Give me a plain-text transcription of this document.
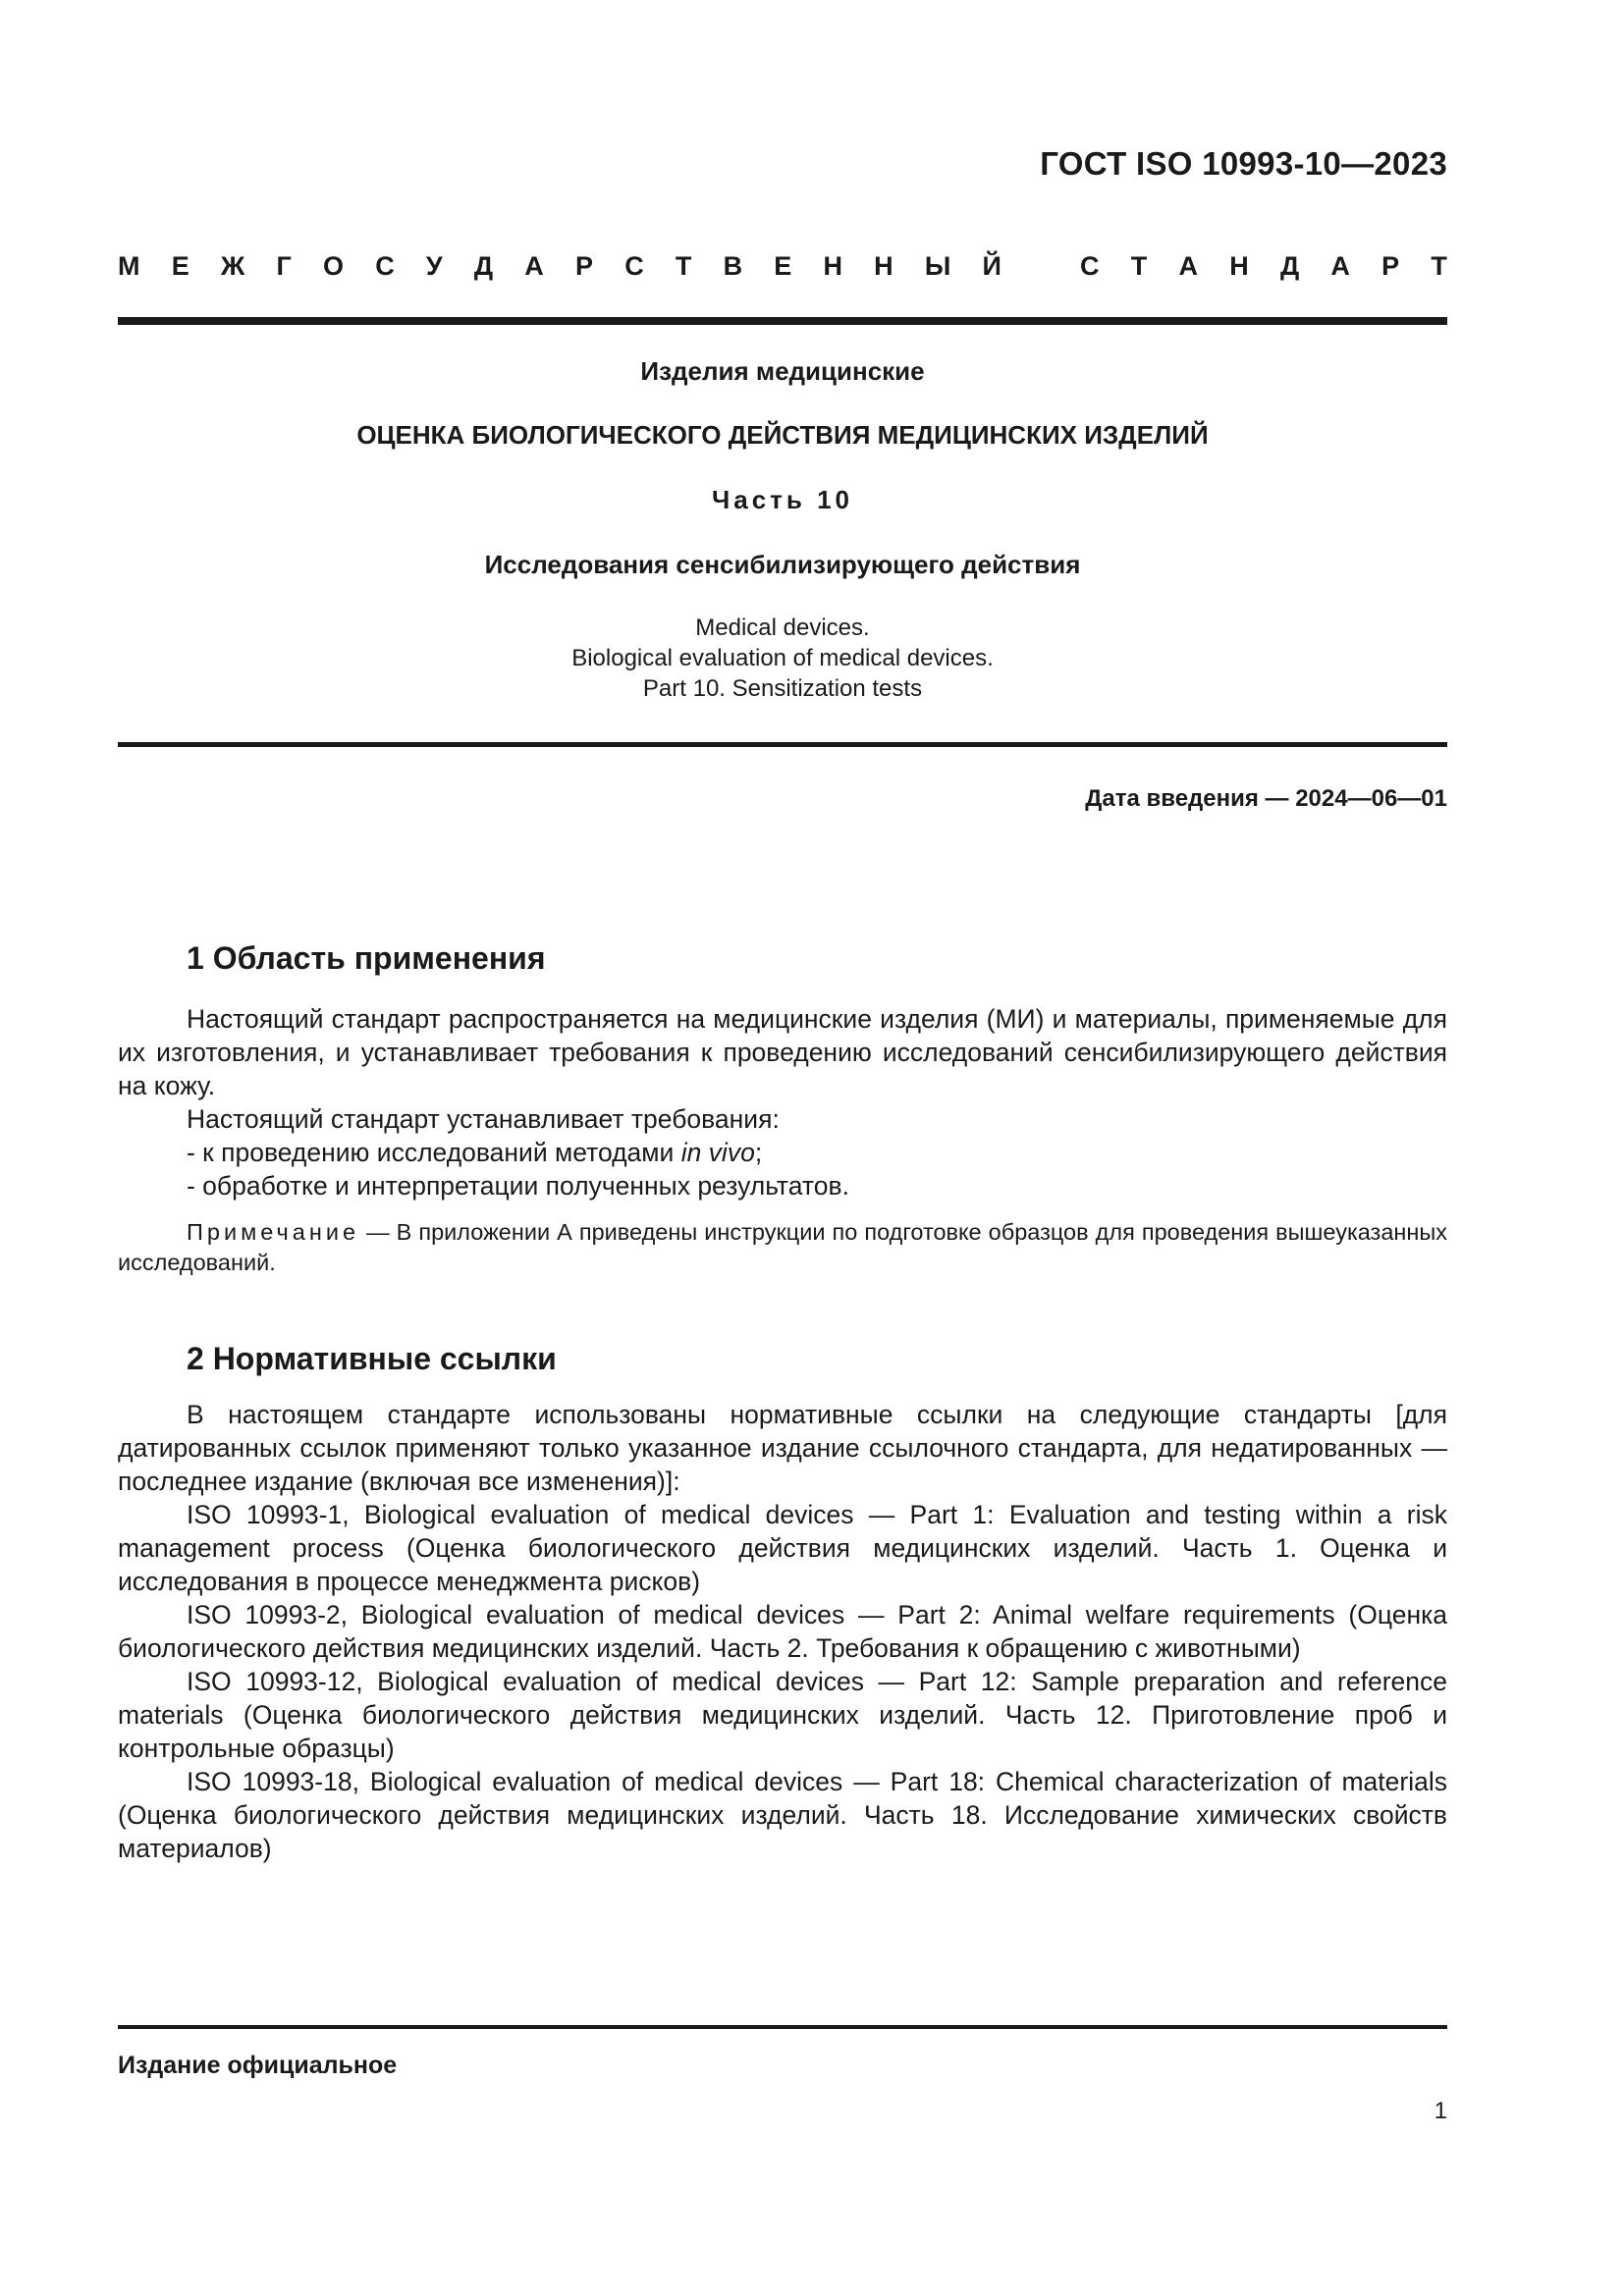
ГОСТ ISO 10993-10—2023
М Е Ж Г О С У Д А Р С Т В Е Н Н Ы Й	С Т А Н Д А Р Т
Изделия медицинские
ОЦЕНКА БИОЛОГИЧЕСКОГО ДЕЙСТВИЯ МЕДИЦИНСКИХ ИЗДЕЛИЙ
Часть 10
Исследования сенсибилизирующего действия
Medical devices.
Biological evaluation of medical devices.
Part 10. Sensitization tests
Дата введения — 2024—06—01
1 Область применения

Настоящий стандарт распространяется на медицинские изделия (МИ) и материалы, применяемые для их изготовления, и устанавливает требования к проведению исследований сенсибилизирующего действия на кожу.

Настоящий стандарт устанавливает требования:

- к проведению исследований методами in vivo;

- обработке и интерпретации полученных результатов.

Примечание — В приложении А приведены инструкции по подготовке образцов для проведения вышеуказанных исследований.
2 Нормативные ссылки

В настоящем стандарте использованы нормативные ссылки на следующие стандарты [для датированных ссылок применяют только указанное издание ссылочного стандарта, для недатированных — последнее издание (включая все изменения)]:

ISO 10993-1, Biological evaluation of medical devices — Part 1: Evaluation and testing within a risk management process (Оценка биологического действия медицинских изделий. Часть 1. Оценка и исследования в процессе менеджмента рисков)

ISO 10993-2, Biological evaluation of medical devices — Part 2: Animal welfare requirements (Оценка биологического действия медицинских изделий. Часть 2. Требования к обращению с животными)

ISO 10993-12, Biological evaluation of medical devices — Part 12: Sample preparation and reference materials (Оценка биологического действия медицинских изделий. Часть 12. Приготовление проб и контрольные образцы)

ISO 10993-18, Biological evaluation of medical devices — Part 18: Chemical characterization of materials (Оценка биологического действия медицинских изделий. Часть 18. Исследование химических свойств материалов)

Издание официальное
1
